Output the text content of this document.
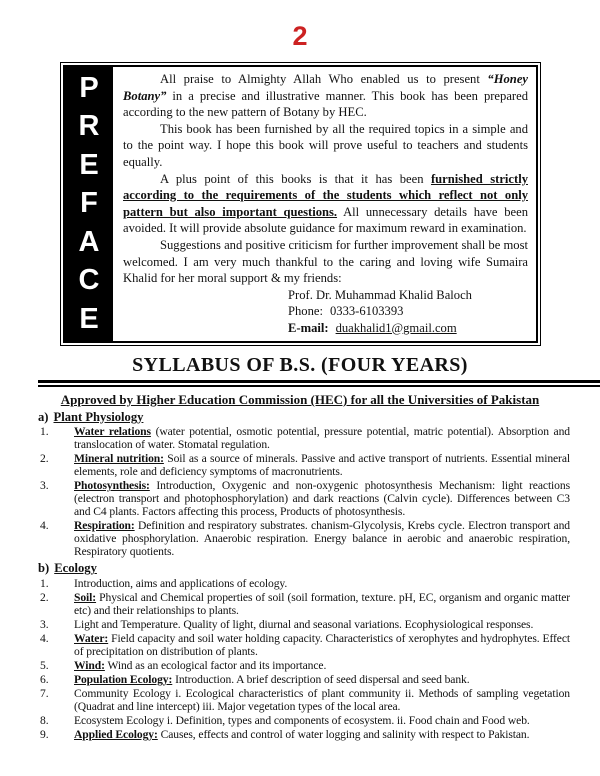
2
P
R
E
F
A
C
E

All praise to Almighty Allah Who enabled us to present “Honey Botany” in a precise and illustrative manner. This book has been prepared according to the new pattern of Botany by HEC.

This book has been furnished by all the required topics in a simple and to the point way. I hope this book will prove useful to teachers and students equally.

A plus point of this books is that it has been furnished strictly according to the requirements of the students which reflect not only pattern but also important questions. All unnecessary details have been avoided. It will provide absolute guidance for maximum reward in examination.

Suggestions and positive criticism for further improvement shall be most welcomed. I am very much thankful to the caring and loving wife Sumaira Khalid for her moral support & my friends:

Prof. Dr. Muhammad Khalid Baloch
Phone: 0333-6103393
E-mail: duakhalid1@gmail.com
SYLLABUS OF B.S. (FOUR YEARS)
Approved by Higher Education Commission (HEC) for all the Universities of Pakistan
a) Plant Physiology
1.	Water relations (water potential, osmotic potential, pressure potential, matric potential). Absorption and translocation of water. Stomatal regulation.
2.	Mineral nutrition: Soil as a source of minerals. Passive and active transport of nutrients. Essential mineral elements, role and deficiency symptoms of macronutrients.
3.	Photosynthesis: Introduction, Oxygenic and non-oxygenic photosynthesis Mechanism: light reactions (electron transport and photophosphorylation) and dark reactions (Calvin cycle). Differences between C3 and C4 plants. Factors affecting this process, Products of photosynthesis.
4.	Respiration: Definition and respiratory substrates. chanism-Glycolysis, Krebs cycle. Electron transport and oxidative phosphorylation. Anaerobic respiration. Energy balance in aerobic and anaerobic respiration, Respiratory quotients.
b) Ecology
1.	Introduction, aims and applications of ecology.
2.	Soil: Physical and Chemical properties of soil (soil formation, texture. pH, EC, organism and organic matter etc) and their relationships to plants.
3.	Light and Temperature. Quality of light, diurnal and seasonal variations. Ecophysiological responses.
4.	Water: Field capacity and soil water holding capacity. Characteristics of xerophytes and hydrophytes. Effect of precipitation on distribution of plants.
5.	Wind: Wind as an ecological factor and its importance.
6.	Population Ecology: Introduction. A brief description of seed dispersal and seed bank.
7.	Community Ecology i. Ecological characteristics of plant community ii. Methods of sampling vegetation (Quadrat and line intercept) iii. Major vegetation types of the local area.
8.	Ecosystem Ecology i. Definition, types and components of ecosystem. ii. Food chain and Food web.
9.	Applied Ecology: Causes, effects and control of water logging and salinity with respect to Pakistan.
